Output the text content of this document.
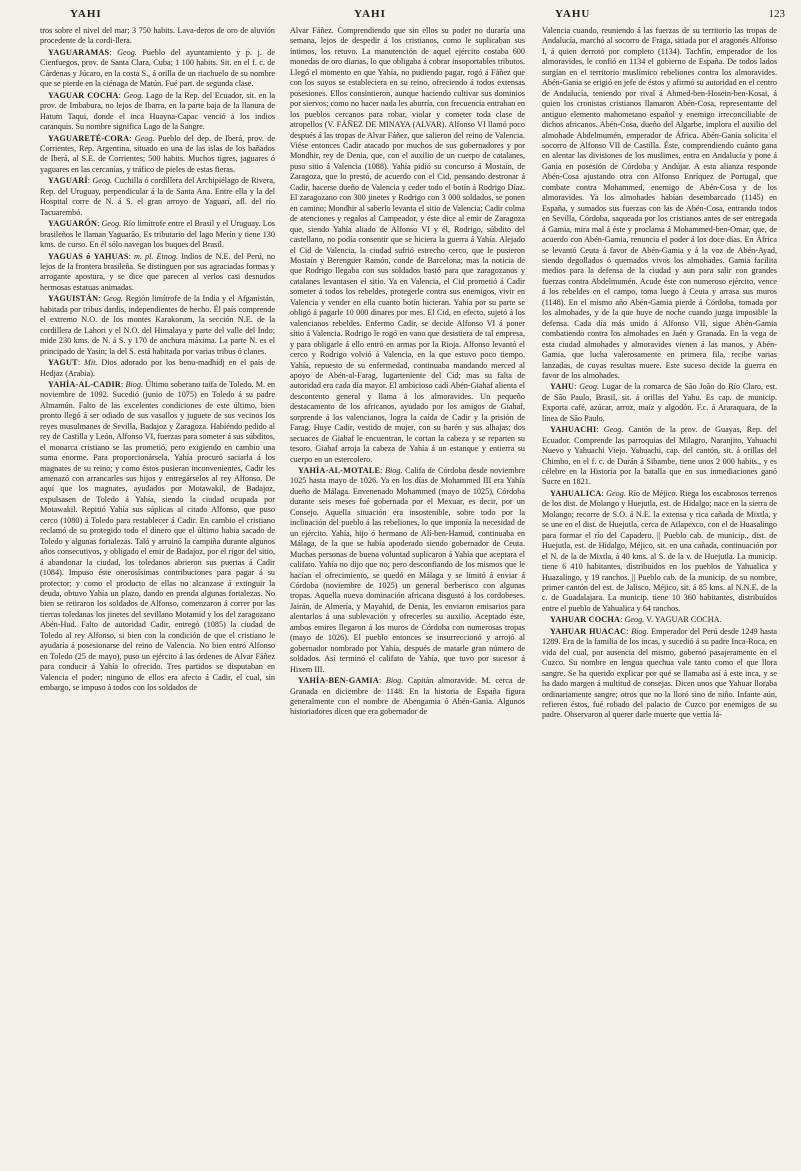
YAHI	YAHI	YAHU	123

tros sobre el nivel del mar; 3 750 habits. Lava-deros de oro de aluvión procedente de la cordi-llera.

YAGUARAMAS: Geog. Pueblo del ayuntamiento y p. j. de Cienfuegos, prov. de Santa Clara, Cuba; 1 100 habits. Sit. en el f. c. de Cárdenas y Júcaro, en la costa S., á orilla de un riachuelo de su nombre que se pierde en la ciénaga de Matún. Fué part. de segunda clase.

YAGUAR COCHA: Geog. Lago de la Rep. del Ecuador, sit. en la prov. de Imbabura, no lejos de Ibarra, en la parte baja de la llanura de Hatum Taqui, donde el inca Huayna-Capac venció á los indios caranquis. Su nombre significa Lago de la Sangre.

YAGUARETÉ-CORA: Geog. Pueblo del dep. de Iberá, prov. de Corrientes, Rep. Argentina, situado en una de las islas de los bañados de Iberá, al S.E. de Corrientes; 500 habits. Muchos tigres, jaguares ó yaguares en las cercanías, y tráfico de pieles de estas fieras.

YAGUARÍ: Geog. Cuchilla ó cordillera del Archipiélago de Rivera, Rep. del Uruguay, perpendicular á la de Santa Ana. Entre ella y la del Hospital corre de N. á S. el gran arroyo de Yaguarí, afl. del río Tacuarembó.

YAGUARÓN: Geog. Río limítrofe entre el Brasil y el Uruguay. Los brasileños le llaman Yaguarão. Es tributario del lago Merín y tiene 130 kms. de curso. En él sólo navegan los buques del Brasil.

YAGUAS ó YAHUAS: m. pl. Etnog. Indios de N.E. del Perú, no lejos de la frontera brasileña. Se distinguen por sus agraciadas formas y arrogante apostura, y se dice que parecen al verlos casi desnudos hermosas estatuas animadas.

YAGUISTÁN: Geog. Región limítrofe de la India y el Afganistán, habitada por tribus dardis, independientes de hecho. Él país comprende el extremo N.O. de los montes Karakorum, la sección N.E. de la cordillera de Lahori y el N.O. del Himalaya y parte del valle del Indo; mide 230 kms. de N. á S. y 170 de anchura máxima. La parte N. es el principado de Yasin; la del S. está habitada por varias tribus ó clanes.

YAGUT: Mit. Dios adorado por los benu-madhidj en el país de Hedjaz (Arabia).

YAHÍA-AL-CADIR: Biog. Último soberano taifa de Toledo. M. en noviembre de 1092. Sucedió (junio de 1075) en Toledo á su padre Almamún. Falto de las excelentes condiciones de este último, bien pronto llegó á ser odiado de sus vasallos y juguete de sus vecinos los reyes musulmanes de Sevilla, Badajoz y Zaragoza. Habiéndo pedido al rey de Castilla y León, Alfonso VI, fuerzas para someter á sus súbditos, el monarca cristiano se las prometió, pero exigiendo en cambio una suma enorme. Para proporcionársela, Yahía procuró saciarla á los magnates de su reino; y como éstos pusieran inconvenientes, Cadir les amenazó con arrancarles sus hijos y entregárselos al rey Alfonso. De aquí que los magnates, ayudados por Motawakil, de Badajoz, expulsasen de Toledo á Yahía, siendo la ciudad ocupada por Motawakil. Repitió Yahía sus súplicas al citado Alfonso, que puso cerco (1080) á Toledo para restablecer á Cadir. En cambio el cristiano reclamó de su protegido todo el dinero que el último habia sacado de Toledo y algunas fortalezas. Taló y arruinó la campiña durante algunos años consecutivos, y obligado el emir de Badajoz, por el rigor del sitio, á abandonar la ciudad, los toledanos abrieron sus puertas á Cadir (1084). Impuso éste onerosísimas contribuciones para pagar á su protector; y como el producto de ellas no alcanzase á extinguir la deuda, obtuvo Yahía un plazo, dando en prenda algunas fortalezas. No bien se retiraron los soldados de Alfonso, comenzaron á correr por las tierras toledanas los jinetes del sevillano Motamid y los del zaragozano Abén-Hud. Falto de autoridad Cadir, entregó (1085) la ciudad de Toledo al rey Alfonso, si bien con la condición de que el cristiano le ayudaría á posesionarse del reino de Valencia. No bien entró Alfonso en Toledo (25 de mayo), puso un ejército á las órdenes de Alvar Fáñez para conducir á Yahía lo ofrecido. Tres partidos se disputaban en Valencia el poder; ninguno de ellos era afecto á Cadir, el cual, sin embargo, se impuso á todos con los soldados de

Alvar Fáñez. Comprendiendo que sin ellos su poder no duraría una semana, lejos de despedir á los cristianos, como le suplicaban sus íntimos, los retuvo. La manutención de aquel ejército costaba 600 monedas de oro diarias, lo que obligaba á cobrar insoportables tributos. Llegó el momento en que Yahía, no pudiendo pagar, rogó á Fáñez que con los suyos se estableciera en su reino, ofreciendo á todos extensas posesiones. Ellos consintieron, aunque haciendo cultivar sus dominios por siervos; como no hacer nada les aburría, con frecuencia entraban en los pueblos cercanos para robar, violar y cometer toda clase de atropellos (V. FÁÑEZ DE MINAYA (ALVAR). Alfonso VI llamó poco después á las tropas de Alvar Fáñez, que salieron del reino de Valencia. Viése entonces Cadir atacado por muchos de sus gobernadores y por Mondhir, rey de Denia, que, con el auxilio de un cuerpo de catalanes, puso sitio á Valencia (1088). Yahía pidió su concurso á Mostaín, de Zaragoza, que lo prestó, de acuerdo con el Cid, pensando destronar á Cadir, hacerse dueño de Valencia y ceder todo el botín á Rodrigo Díaz. El zaragozano con 300 jinetes y Rodrigo con 3 000 soldados, se ponen en camino; Mondhir al saberlo levanta el sitio de Valencia; Cadir colma de atenciones y regalos al Campeador, y éste dice al emir de Zaragoza que, siendo Yahía aliado de Alfonso VI y él, Rodrigo, súbdito del castellano, no podía consentir que se hiciera la guerra á Yahía. Alejado el Cid de Valencia, la ciudad sufrió estrecho cerco, que le pusieron Mostaín y Berenguer Ramón, conde de Barcelona; mas la noticia de que Rodrigo llegaba con sus soldados bastó para que zaragozanos y catalanes levantasen el sitio. Ya en Valencia, el Cid prometió á Cadir someter á todos los rebeldes, protegerle contra sus enemigos, vivir en Valencia y vender en ella cuanto botín hicieran. Yahía por su parte se obligó á pagarle 10 000 dinares por mes. El Cid, en efecto, sujetó á los valencianos rebeldes. Enfermo Cadir, se decide Alfonso VI á poner sitio á Valencia. Rodrigo le rogó en vano que desistiera de tal empresa, y para obligarle á ello entró en armas por la Rioja. Alfonso levantó el cerco y Rodrigo volvió á Valencia, en la que estuvo poco tiempo. Yahía, repuesto de su enfermedad, continuaba mandando merced al apoyo de Abén-al-Farag, lugarteniente del Cid; mas su falta de autoridad era cada día mayor. El ambicioso cadí Abén-Giahaf alienta el descontento general y llama á los almoravides. Un pequeño destacamento de los africanos, ayudado por los amigos de Giahaf, sorprende á los valencianos, logra la caída de Cadir y la prisión de Farag. Huye Cadir, vestido de mujer, con su harén y sus alhajas; dos secuaces de Giahaf le encuentran, le cortan la cabeza y se reparten su tesoro. Giahaf arroja la cabeza de Yahía á un estanque y entierra su cuerpo en un estercolero.

YAHÍA-AL-MOTALE: Biog. Califa de Córdoba desde noviembre 1025 hasta mayo de 1026. Ya en los días de Mohammed III era Yahía dueño de Málaga. Envenenado Mohammed (mayo de 1025), Córdoba durante seis meses fué gobernada por el Mexuar, es decir, por un Consejo. Aquella situación era insostenible, sobre todo por la inclinación del pueblo á las rebeliones, lo que imponía la necesidad de un ejército. Yahía, hijo ó hermano de Alí-ben-Hamud, continuaba en Málaga, de la que se había apoderado siendo gobernador de Ceuta. Muchas personas de buena voluntad suplicaron á Yahía que aceptara el califato. Yahía no dijo que no; pero desconfiando de los mismos que le hacían el ofrecimiento, se quedó en Málaga y se limitó á enviar á Córdoba (noviembre de 1025) un general berberisco con algunas tropas. Aquella nueva dominación africana disgustó á los cordobeses. Jairán, de Almería, y Mayahid, de Denia, les enviaron emisarios para alentarlos á una sublevación y ofrecerles su auxilio. Aceptado éste, ambos emires llegaron á los muros de Córdoba con numerosas tropas (mayo de 1026). El pueblo entonces se insurreccionó y arrojó al gobernador nombrado por Yahía, después de matarle gran número de soldados. Así terminó el califato de Yahía, que tuvo por sucesor á Hixem III.

YAHÍA-BEN-GAMIA: Biog. Capitán almoravide. M. cerca de Granada en diciembre de 1148. En la historia de España figura generalmente con el nombre de Abengamia ó Abén-Gania. Algunos historiadores dicen que era gobernador de

Valencia cuando, reuniendo á las fuerzas de su territorio las tropas de Andalucía, marchó al socorro de Fraga, sitiada por el aragonés Alfonso I, á quien derrotó por completo (1134). Tachfín, emperador de los almoravides, le confió en 1134 el gobierno de España. De todos lados surgían en el territorio muslímico rebeliones contra los almoravides. Abén-Gania se erigió en jefe de éstos y afirmó su autoridad en el centro de Andalucía, teniendo por rival á Ahmed-ben-Hosein-ben-Kosai, á quien los cronistas cristianos llamaron Abén-Cosa, representante del antiguo elemento mahometano español y enemigo irreconciliable de dichos africanos. Abén-Cosa, dueño del Algarbe, implora el auxilio del almohade Abdelmumén, emperador de África. Abén-Gania solicita el socorro de Alfonso VII de Castilla. Éste, comprendiendo cuánto gana en alentar las divisiones de los muslimes, entra en Andalucía y pone á Gania en posesión de Córdoba y Andújar. A esta alianza responde Abén-Cosa ajustando otra con Alfonso Enríquez de Portugal, que combate contra Mohammed, enemigo de Abén-Cosa y de los almoravides. Ya los almohades habían desembarcado (1145) en España, y sumados sus fuerzas con las de Abén-Cosa, entrando todos en Sevilla, Córdoba, saqueada por los cristianos antes de ser entregada á Gamia, mira mal á éste y proclama á Mohammed-ben-Omar, que, de acuerdo con Abén-Gamia, renuncia el poder á los doce días. En África se levantó Ceuta á favor de Abén-Gamia y á la voz de Abén-Ayad, siendo degollados ó quemados vivos los almohades. Gamia facilita medios para la defensa de la ciudad y aun para salir con grandes fuerzas contra Abdelmumén. Acude éste con numeroso ejército, vence á los rebeldes en el campo, toma luego á Ceuta y arrasa sus muros (1148). En el mismo año Abén-Gamia pierde á Córdoba, tomada por los almohades, y de la que huye de noche cuando juzga imposible la defensa. Cada día más unido á Alfonso VII, sigue Abén-Gamia combatiendo contra los almohades en Jaén y Granada. En la vega de esta ciudad almohades y almoravides vienen á las manos, y Abén-Gamia, que lucha valerosamente en primera fila, recibe varias lanzadas, de cuyas resultas muere. Este suceso decide la guerra en favor de los almohades.

YAHU: Geog. Lugar de la comarca de São João do Río Claro, est. de São Paulo, Brasil, sit. á orillas del Yahu. Es cap. de municip. Exporta café, azúcar, arroz, maíz y algodón. F.c. á Araraquara, de la línea de São Paulo.

YAHUACHI: Geog. Cantón de la prov. de Guayas, Rep. del Ecuador. Comprende las parroquias del Milagro, Naranjito, Yahuachi Nuevo y Yahuachi Viejo. Yahuachi, cap. del cantón, sit. á orillas del Chimbo, en el f. c. de Durán á Sibambe, tiene unos 2 000 habits., y es célebre en la Historia por la batalla que en sus inmediaciones ganó Sucre en 1821.

YAHUALICA: Geog. Río de Méjico. Riega los escabrosos terrenos de los dist. de Molango y Huejutla, est. de Hidalgo; nace en la sierra de Molango; recorre de S.O. á N.E. la extensa y rica cañada de Mixtla, y se une en el dist. de Huejutla, cerca de Atlapexco, con el de Huasalingo para formar el río del Capadero. || Pueblo cab. de municip., dist. de Huejutla, est. de Hidalgo, Méjico, sit. en una cañada, continuación por el N. de la de Mixtla, á 40 kms. al S. de la v. de Huejutla. La municip. tiene 6 410 habitantes, distribuídos en los pueblos de Yahualica y Huazalingo, y 19 ranchos. || Pueblo cab. de la municip. de su nombre, primer cantón del est. de Jalisco, Méjico, sit. á 85 kms. al N.N.E. de la c. de Guadalajara. La municip. tiene 10 360 habitantes, distribuídos entre el pueblo de Yahualica y 64 ranchos.

YAHUAR COCHA: Geog. V. YAGUAR COCHA.

YAHUAR HUACAC: Biog. Emperador del Perú desde 1249 hasta 1289. Era de la familia de los incas, y sucedió á su padre Inca-Roca, en vida del cual, por ausencia del mismo, gobernó pasajeramente en el Cuzco. Su nombre en lengua quechua vale tanto como el que llora sangre. Se ha querido explicar por qué se llamaba así á este inca, y se ha dado margen á multitud de consejas. Dicen unos que Yahuar lloraba ordinariamente sangre; otros que no la lloró sino de niño. Infante aún, refieren éstos, fué robado del palacio de Cuzco por enemigos de su padre. Observaron al querer darle muerte que vertía lá-
